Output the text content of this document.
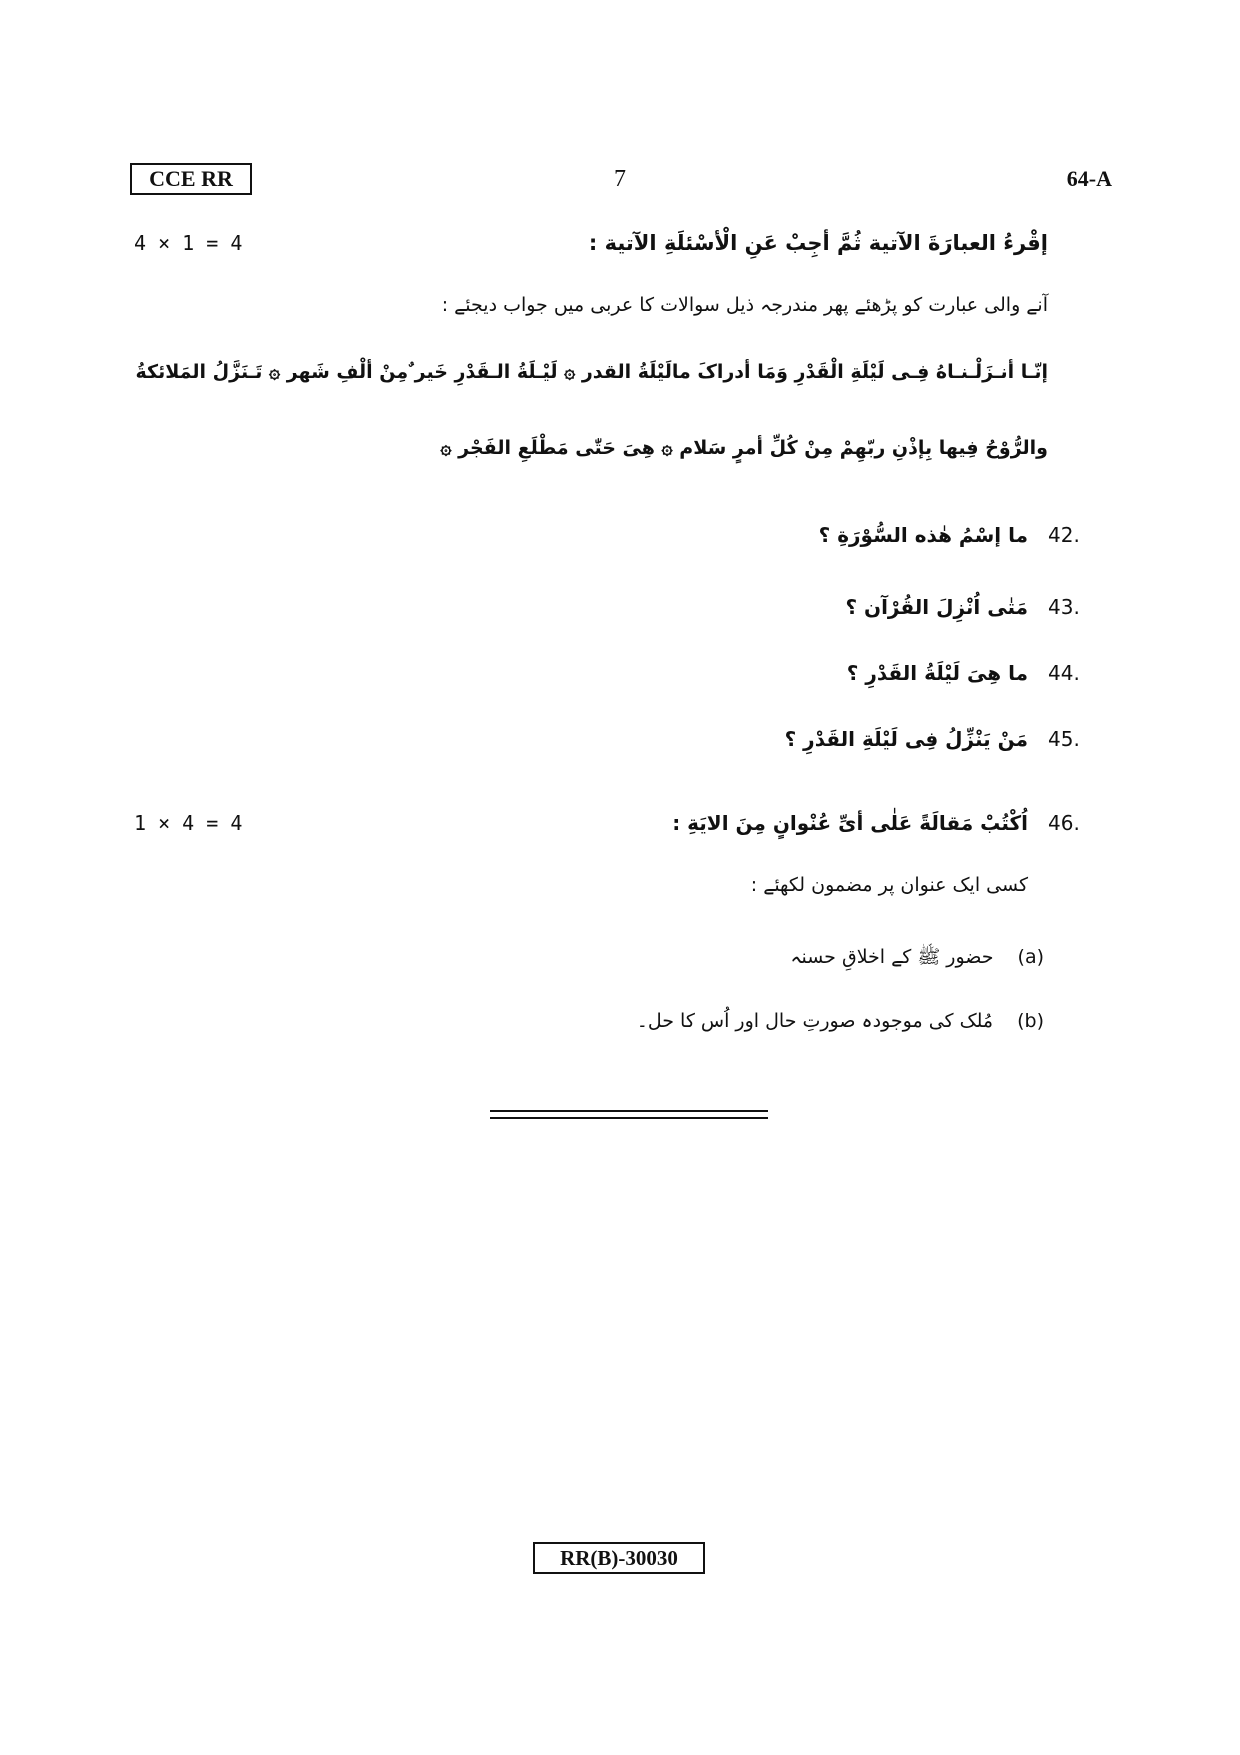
CCE RR	7	64-A
4 × 1 = 4	إقْرءُ العبارَةَ الآتية ثُمَّ أجِبْ عَنِ الْأسْئلَةِ الآتية :
آنے والی عبارت کو پڑھئے پھر مندرجہ ذیل سوالات کا عربی میں جواب دیجئے :
إنّـا أنـزَلْـنـاهُ فِـی لَیْلَةِ الْقَدْرِ وَمَا أدراکَ مالَیْلَةُ القدر ۞ لَیْـلَةُ الـقَدْرِ خَیر ٌمِنْ ألْفِ شَهر ۞ تَـنَزَّلُ المَلائکةُ
والرُّوْحُ فِیها بِإذْنِ ربّهِمْ مِنْ کُلِّ أمرٍ سَلام ۞ هِیَ حَتّٰی مَطْلَعِ الفَجْر ۞
42.
ما إسْمُ هٰذه السُّوْرَةِ ؟
43.
مَتٰی اُنْزِلَ القُرْآن ؟
44.
ما هِیَ لَیْلَةُ القَدْرِ ؟
45.
مَنْ یَنْزِّلُ فِی لَیْلَةِ القَدْرِ ؟
1 × 4 = 4	46.
اُکْتُبْ مَقالَةً عَلٰی أیِّ عُنْوانٍ مِنَ الایَةِ :
کسی ایک عنوان پر مضمون لکھئے :
(a)
حضور ﷺ کے اخلاقِ حسنہ
(b)
مُلک کی موجودہ صورتِ حال اور اُس کا حل۔
RR(B)-30030
